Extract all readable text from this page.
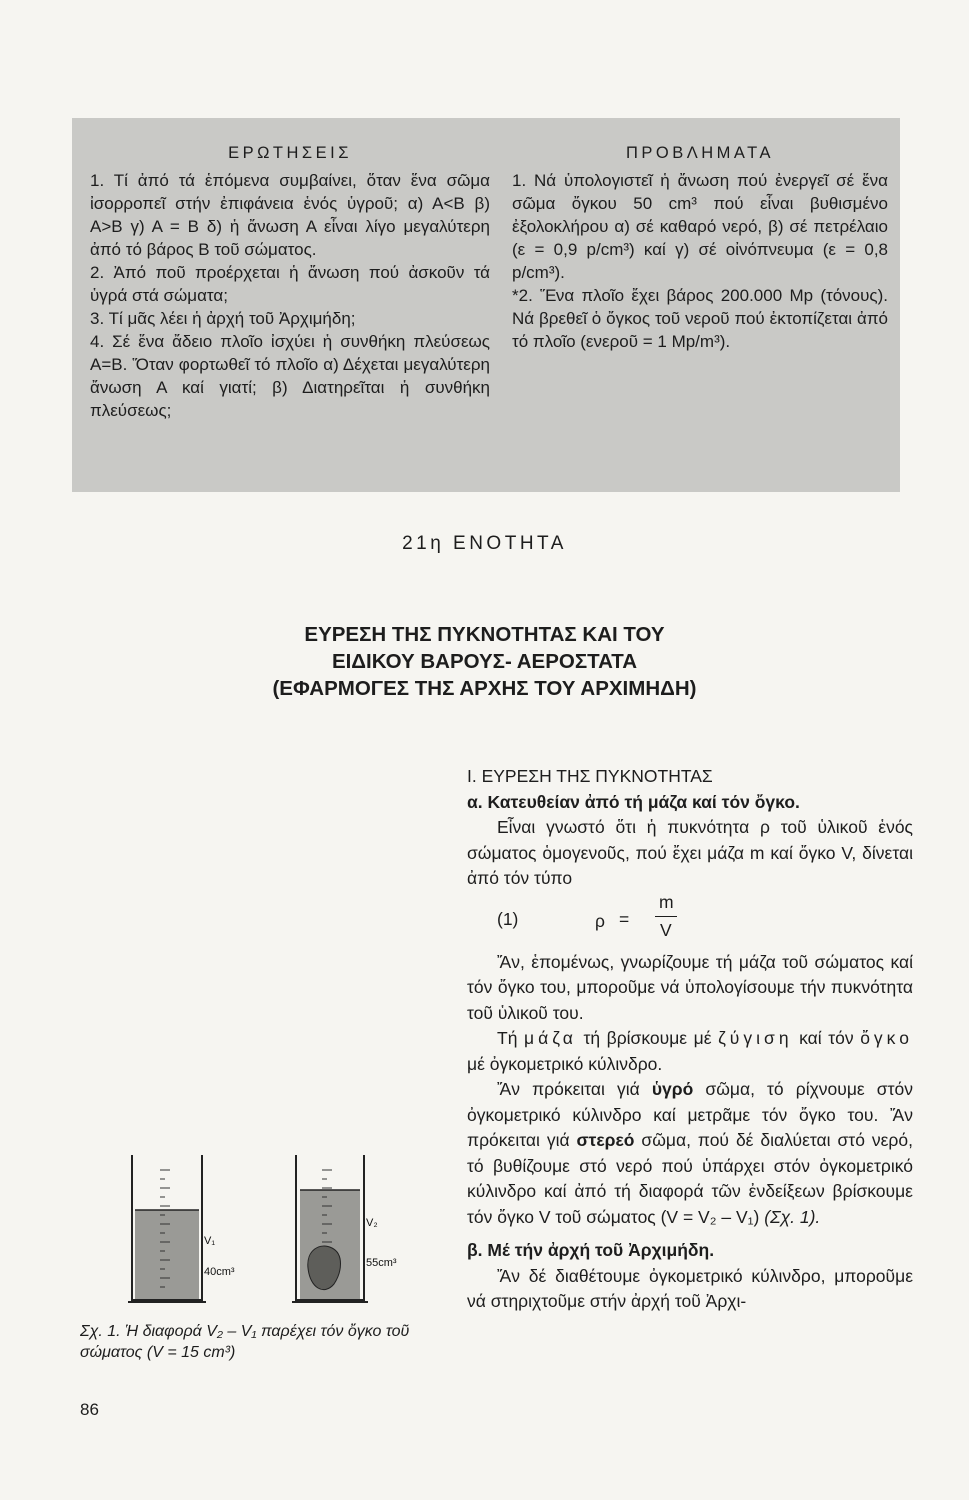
ΕΡΩΤΗΣΕΙΣ

1. Τί ἀπό τά ἑπόμενα συμβαίνει, ὅταν ἕνα σῶμα ἰσορροπεῖ στήν ἐπιφάνεια ἑνός ὑγροῦ; α) Α<Β β) Α>Β γ) Α = Β δ) ἡ ἄνωση Α εἶναι λίγο μεγαλύτερη ἀπό τό βάρος Β τοῦ σώματος.

2. Ἀπό ποῦ προέρχεται ἡ ἄνωση πού ἀσκοῦν τά ὑγρά στά σώματα;

3. Τί μᾶς λέει ἡ ἀρχή τοῦ Ἀρχιμήδη;

4. Σέ ἕνα ἄδειο πλοῖο ἰσχύει ἡ συνθήκη πλεύσεως Α=Β. Ὅταν φορτωθεῖ τό πλοῖο α) Δέχεται μεγαλύτερη ἄνωση Α καί γιατί; β) Διατηρεῖται ἡ συνθήκη πλεύσεως;

ΠΡΟΒΛΗΜΑΤΑ

1. Νά ὑπολογιστεῖ ἡ ἄνωση πού ἐνεργεῖ σέ ἕνα σῶμα ὄγκου 50 cm³ πού εἶναι βυθισμένο ἐξολοκλήρου α) σέ καθαρό νερό, β) σέ πετρέλαιο (ε = 0,9 p/cm³) καί γ) σέ οἰνόπνευμα (ε = 0,8 p/cm³).

*2. Ἕνα πλοῖο ἔχει βάρος 200.000 Mp (τόνους). Νά βρεθεῖ ὁ ὄγκος τοῦ νεροῦ πού ἐκτοπίζεται ἀπό τό πλοῖο (ενεροῦ = 1 Mp/m³).

21η ΕΝΟΤΗΤΑ
ΕΥΡΕΣΗ ΤΗΣ ΠΥΚΝΟΤΗΤΑΣ ΚΑΙ ΤΟΥ
ΕΙΔΙΚΟΥ ΒΑΡΟΥΣ- ΑΕΡΟΣΤΑΤΑ
(ΕΦΑΡΜΟΓΕΣ ΤΗΣ ΑΡΧΗΣ ΤΟΥ ΑΡΧΙΜΗΔΗ)

Ι. ΕΥΡΕΣΗ ΤΗΣ ΠΥΚΝΟΤΗΤΑΣ

α. Κατευθείαν ἀπό τή μάζα καί τόν ὄγκο.

Εἶναι γνωστό ὅτι ἡ πυκνότητα ρ τοῦ ὑλικοῦ ἑνός σώματος ὁμογενοῦς, πού ἔχει μάζα m καί ὄγκο V, δίνεται ἀπό τόν τύπο

(1)	ρ =
m
V

Ἄν, ἑπομένως, γνωρίζουμε τή μάζα τοῦ σώματος καί τόν ὄγκο του, μποροῦμε νά ὑπολογίσουμε τήν πυκνότητα τοῦ ὑλικοῦ του.

Τή μάζα τή βρίσκουμε μέ ζύγιση καί τόν ὄγκο μέ ὀγκομετρικό κύλινδρο.

Ἄν πρόκειται γιά ὑγρό σῶμα, τό ρίχνουμε στόν ὀγκομετρικό κύλινδρο καί μετρᾶμε τόν ὄγκο του. Ἄν πρόκειται γιά στερεό σῶμα, πού δέ διαλύεται στό νερό, τό βυθίζουμε στό νερό πού ὑπάρχει στόν ὀγκομετρικό κύλινδρο καί ἀπό τή διαφορά τῶν ἐνδείξεων βρίσκουμε τόν ὄγκο V τοῦ σώματος (V = V₂ – V₁) (Σχ. 1).

β. Μέ τήν ἀρχή τοῦ Ἀρχιμήδη.

Ἄν δέ διαθέτουμε ὀγκομετρικό κύλινδρο, μποροῦμε νά στηριχτοῦμε στήν ἀρχή τοῦ Ἀρχι-

V₁
40cm³
V₂
55cm³
Σχ. 1. Ἡ διαφορά V₂ – V₁ παρέχει τόν ὄγκο τοῦ σώματος (V = 15 cm³)
86
